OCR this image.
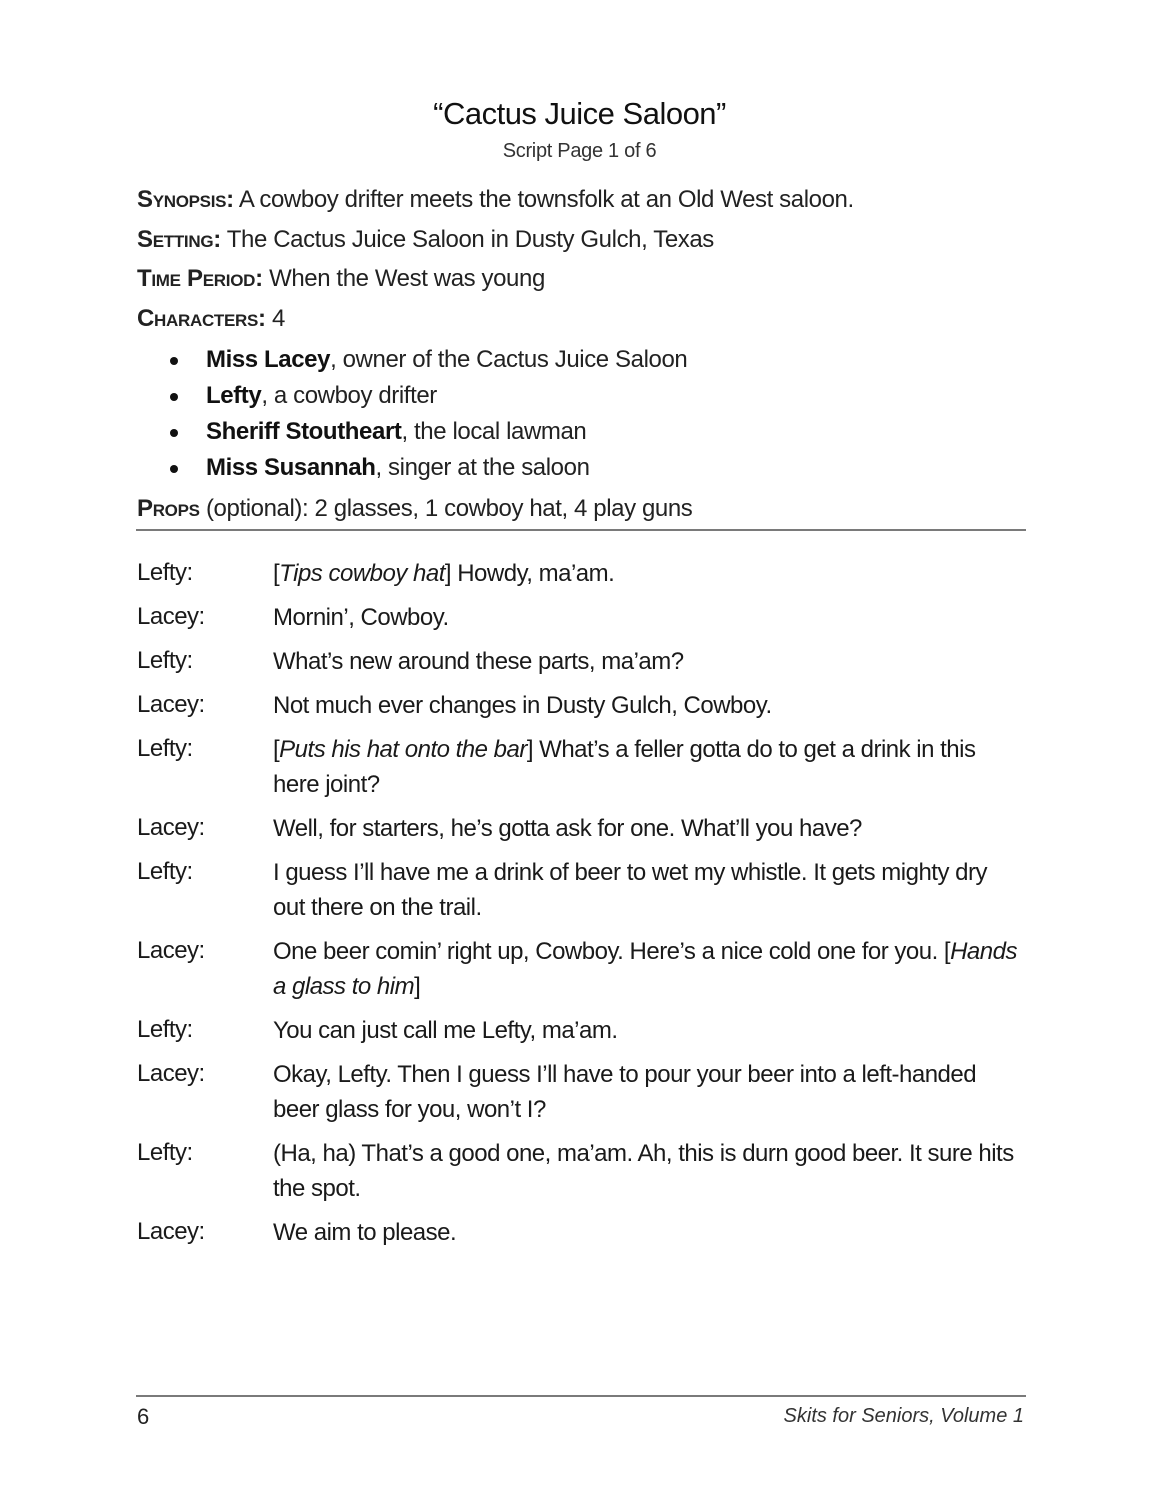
“Cactus Juice Saloon”
Script Page 1 of 6
Synopsis: A cowboy drifter meets the townsfolk at an Old West saloon.
Setting: The Cactus Juice Saloon in Dusty Gulch, Texas
Time Period: When the West was young
Characters: 4
Miss Lacey, owner of the Cactus Juice Saloon
Lefty, a cowboy drifter
Sheriff Stoutheart, the local lawman
Miss Susannah, singer at the saloon
Props (optional): 2 glasses, 1 cowboy hat, 4 play guns
Lefty:	[Tips cowboy hat] Howdy, ma’am.
Lacey:	Mornin’, Cowboy.
Lefty:	What’s new around these parts, ma’am?
Lacey:	Not much ever changes in Dusty Gulch, Cowboy.
Lefty:	[Puts his hat onto the bar] What’s a feller gotta do to get a drink in this here joint?
Lacey:	Well, for starters, he’s gotta ask for one. What’ll you have?
Lefty:	I guess I’ll have me a drink of beer to wet my whistle. It gets mighty dry out there on the trail.
Lacey:	One beer comin’ right up, Cowboy. Here’s a nice cold one for you. [Hands a glass to him]
Lefty:	You can just call me Lefty, ma’am.
Lacey:	Okay, Lefty. Then I guess I’ll have to pour your beer into a left-handed beer glass for you, won’t I?
Lefty:	(Ha, ha) That’s a good one, ma’am. Ah, this is durn good beer. It sure hits the spot.
Lacey:	We aim to please.
6	Skits for Seniors, Volume 1
